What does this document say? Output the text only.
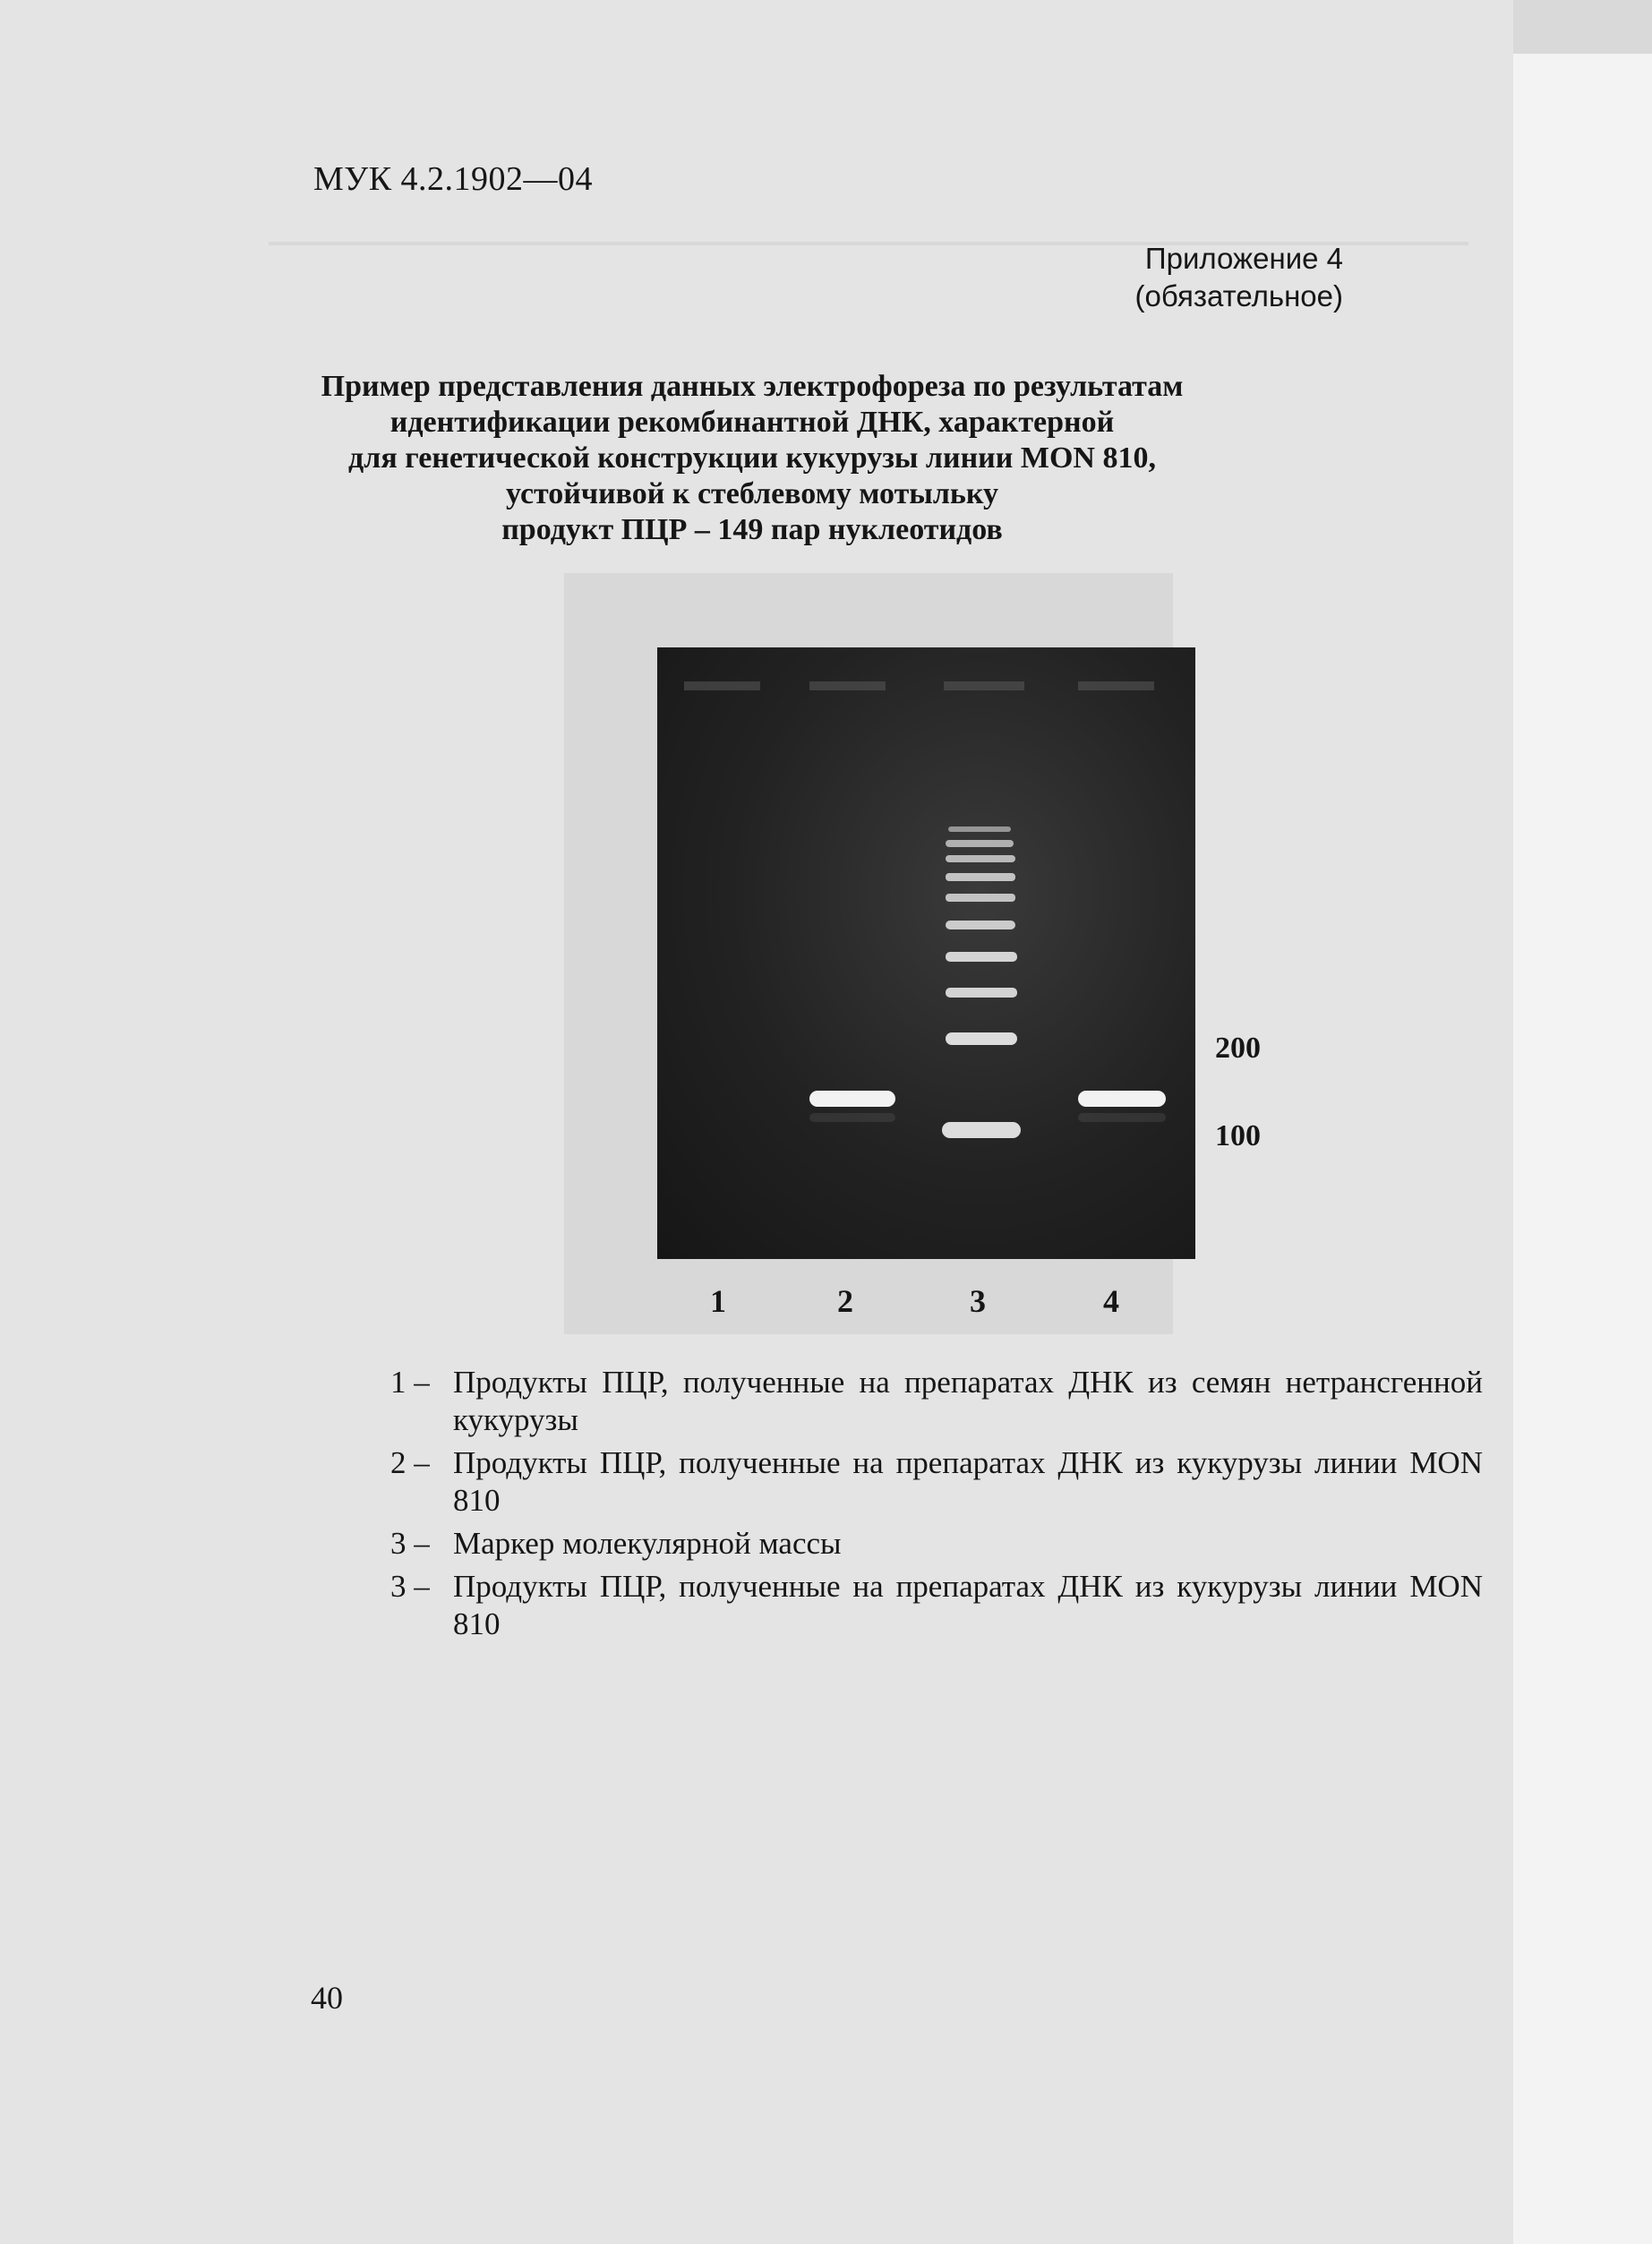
МУК 4.2.1902—04
Приложение 4
(обязательное)
Пример представления данных электрофореза по результатам
идентификации рекомбинантной ДНК, характерной
для генетической конструкции кукурузы линии MON 810,
устойчивой к стеблевому мотыльку
продукт ПЦР – 149 пар нуклеотидов
200
100
1	2	3	4
1 – Продукты ПЦР, полученные на препаратах ДНК из семян нетрансгенной кукурузы
2 – Продукты ПЦР, полученные на препаратах ДНК из кукурузы линии MON 810
3 – Маркер молекулярной массы
3 – Продукты ПЦР, полученные на препаратах ДНК из кукурузы линии MON 810
40
